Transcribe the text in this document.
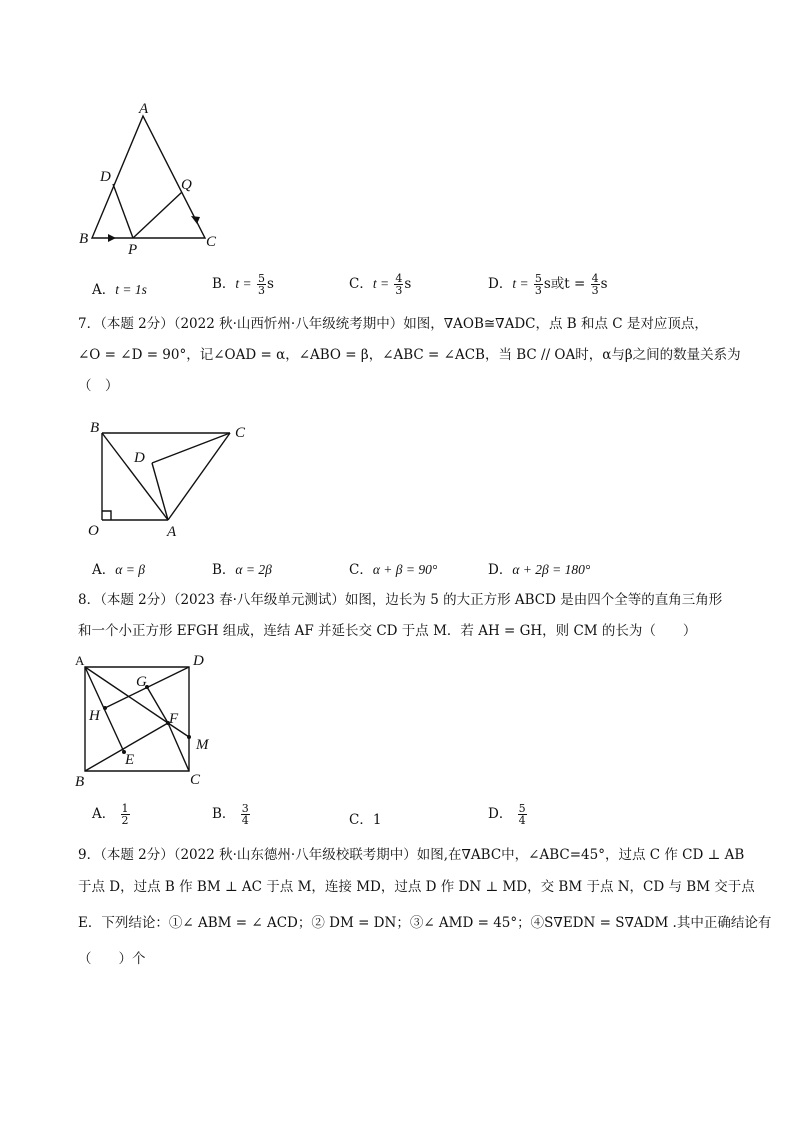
A
B	C
D
P
Q
A．t = 1s	B．$t = \frac{5}{3}$ s	C．$t = \frac{4}{3}$ s	D．$t = \frac{5}{3}$ s或$t = \frac{4}{3}$ s
7．（本题 2分）（2022 秋·山西忻州·八年级统考期中）如图，∇AOB≅∇ADC，点 B 和点 C 是对应顶点，
∠O = ∠D = 90°，记∠OAD = α，∠ABO = β，∠ABC = ∠ACB，当 BC // OA时，α与β之间的数量关系为
（　）
B	C
D
O	A
A．α = β	B．α = 2β	C．α + β = 90°	D．α + 2β = 180°
8．（本题 2分）（2023 春·八年级单元测试）如图，边长为 5 的大正方形 ABCD 是由四个全等的直角三角形
和一个小正方形 EFGH 组成，连结 AF 并延长交 CD 于点 M．若 AH = GH，则 CM 的长为（　　）
A	D
B	C
G
H	F
E
M
A． $\frac{1}{2}$	B． $\frac{3}{4}$	C．1	D． $\frac{5}{4}$
9．（本题 2分）（2022 秋·山东德州·八年级校联考期中）如图,在∇ABC中，∠ABC=45°，过点 C 作 CD ⊥ AB
于点 D，过点 B 作 BM ⊥ AC 于点 M，连接 MD，过点 D 作 DN ⊥ MD，交 BM 于点 N，CD 与 BM 交于点
E．下列结论：①∠ ABM = ∠ ACD；② DM = DN；③∠ AMD = 45°；④S∇EDN = S∇ADM .其中正确结论有
（　　）个
